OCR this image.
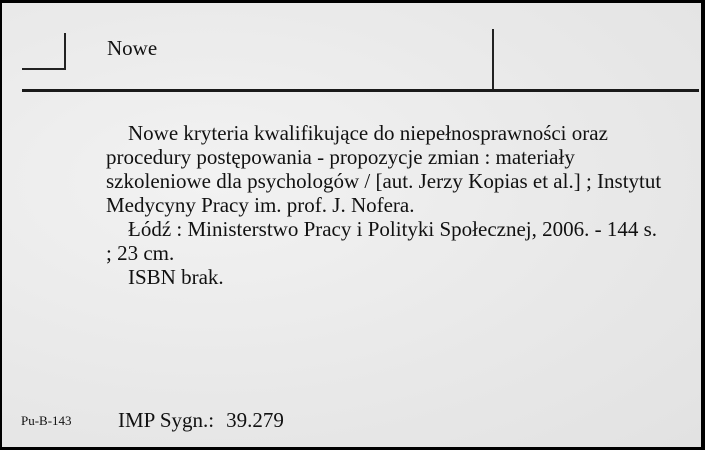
Nowe

Nowe kryteria kwalifikujące do niepełnosprawności oraz procedury postępowania - propozycje zmian : materiały szkoleniowe dla psychologów / [aut. Jerzy Kopias et al.] ; Instytut Medycyny Pracy im. prof. J. Nofera.

Łódź : Ministerstwo Pracy i Polityki Społecznej, 2006. - 144 s. ; 23 cm.

ISBN brak.

Pu-B-143 IMP Sygn.: 39.279
